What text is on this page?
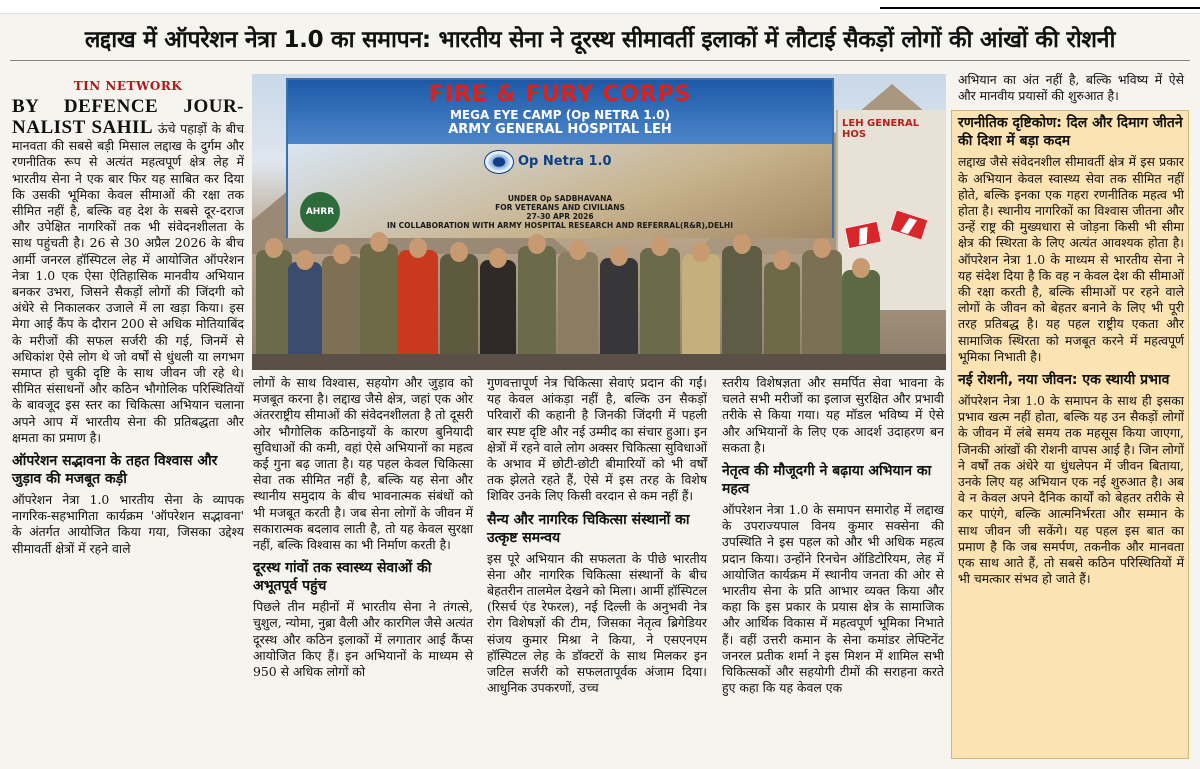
लद्दाख में ऑपरेशन नेत्रा 1.0 का समापन: भारतीय सेना ने दूरस्थ सीमावर्ती इलाकों में लौटाई सैकड़ों लोगों की आंखों की रोशनी
TIN NETWORK

BY DEFENCE JOUR-NALIST SAHIL ऊंचे पहाड़ों के बीच मानवता की सबसे बड़ी मिसाल लद्दाख के दुर्गम और रणनीतिक रूप से अत्यंत महत्वपूर्ण क्षेत्र लेह में भारतीय सेना ने एक बार फिर यह साबित कर दिया कि उसकी भूमिका केवल सीमाओं की रक्षा तक सीमित नहीं है, बल्कि वह देश के सबसे दूर-दराज और उपेक्षित नागरिकों तक भी संवेदनशीलता के साथ पहुंचती है। 26 से 30 अप्रैल 2026 के बीच आर्मी जनरल हॉस्पिटल लेह में आयोजित ऑपरेशन नेत्रा 1.0 एक ऐसा ऐतिहासिक मानवीय अभियान बनकर उभरा, जिसने सैकड़ों लोगों की जिंदगी को अंधेरे से निकालकर उजाले में ला खड़ा किया। इस मेगा आई कैंप के दौरान 200 से अधिक मोतियाबिंद के मरीजों की सफल सर्जरी की गई, जिनमें से अधिकांश ऐसे लोग थे जो वर्षों से धुंधली या लगभग समाप्त हो चुकी दृष्टि के साथ जीवन जी रहे थे। सीमित संसाधनों और कठिन भौगोलिक परिस्थितियों के बावजूद इस स्तर का चिकित्सा अभियान चलाना अपने आप में भारतीय सेना की प्रतिबद्धता और क्षमता का प्रमाण है।

ऑपरेशन सद्भावना के तहत विश्वास और जुड़ाव की मजबूत कड़ी

ऑपरेशन नेत्रा 1.0 भारतीय सेना के व्यापक नागरिक-सहभागिता कार्यक्रम 'ऑपरेशन सद्भावना' के अंतर्गत आयोजित किया गया, जिसका उद्देश्य सीमावर्ती क्षेत्रों में रहने वाले

FIRE & FURY CORPS
MEGA EYE CAMP (Op NETRA 1.0)
ARMY GENERAL HOSPITAL LEH
Op Netra 1.0
AHRR
UNDER Op SADBHAVANA
FOR VETERANS AND CIVILIANS
27-30 APR 2026
IN COLLABORATION WITH ARMY HOSPITAL RESEARCH AND REFERRAL(R&R),DELHI
LEH GENERAL HOS

लोगों के साथ विश्वास, सहयोग और जुड़ाव को मजबूत करना है। लद्दाख जैसे क्षेत्र, जहां एक ओर अंतरराष्ट्रीय सीमाओं की संवेदनशीलता है तो दूसरी ओर भौगोलिक कठिनाइयों के कारण बुनियादी सुविधाओं की कमी, वहां ऐसे अभियानों का महत्व कई गुना बढ़ जाता है। यह पहल केवल चिकित्सा सेवा तक सीमित नहीं है, बल्कि यह सेना और स्थानीय समुदाय के बीच भावनात्मक संबंधों को भी मजबूत करती है। जब सेना लोगों के जीवन में सकारात्मक बदलाव लाती है, तो यह केवल सुरक्षा नहीं, बल्कि विश्वास का भी निर्माण करती है।

दूरस्थ गांवों तक स्वास्थ्य सेवाओं की अभूतपूर्व पहुंच

पिछले तीन महीनों में भारतीय सेना ने तंगत्से, चुशुल, न्योमा, नुब्रा वैली और कारगिल जैसे अत्यंत दूरस्थ और कठिन इलाकों में लगातार आई कैंप्स आयोजित किए हैं। इन अभियानों के माध्यम से 950 से अधिक लोगों को

गुणवत्तापूर्ण नेत्र चिकित्सा सेवाएं प्रदान की गईं। यह केवल आंकड़ा नहीं है, बल्कि उन सैकड़ों परिवारों की कहानी है जिनकी जिंदगी में पहली बार स्पष्ट दृष्टि और नई उम्मीद का संचार हुआ। इन क्षेत्रों में रहने वाले लोग अक्सर चिकित्सा सुविधाओं के अभाव में छोटी-छोटी बीमारियों को भी वर्षों तक झेलते रहते हैं, ऐसे में इस तरह के विशेष शिविर उनके लिए किसी वरदान से कम नहीं हैं।

सैन्य और नागरिक चिकित्सा संस्थानों का उत्कृष्ट समन्वय

इस पूरे अभियान की सफलता के पीछे भारतीय सेना और नागरिक चिकित्सा संस्थानों के बीच बेहतरीन तालमेल देखने को मिला। आर्मी हॉस्पिटल (रिसर्च एंड रेफरल), नई दिल्ली के अनुभवी नेत्र रोग विशेषज्ञों की टीम, जिसका नेतृत्व ब्रिगेडियर संजय कुमार मिश्रा ने किया, ने एसएनएम हॉस्पिटल लेह के डॉक्टरों के साथ मिलकर इन जटिल सर्जरी को सफलतापूर्वक अंजाम दिया। आधुनिक उपकरणों, उच्च

स्तरीय विशेषज्ञता और समर्पित सेवा भावना के चलते सभी मरीजों का इलाज सुरक्षित और प्रभावी तरीके से किया गया। यह मॉडल भविष्य में ऐसे और अभियानों के लिए एक आदर्श उदाहरण बन सकता है।

नेतृत्व की मौजूदगी ने बढ़ाया अभियान का महत्व

ऑपरेशन नेत्रा 1.0 के समापन समारोह में लद्दाख के उपराज्यपाल विनय कुमार सक्सेना की उपस्थिति ने इस पहल को और भी अधिक महत्व प्रदान किया। उन्होंने रिनचेन ऑडिटोरियम, लेह में आयोजित कार्यक्रम में स्थानीय जनता की ओर से भारतीय सेना के प्रति आभार व्यक्त किया और कहा कि इस प्रकार के प्रयास क्षेत्र के सामाजिक और आर्थिक विकास में महत्वपूर्ण भूमिका निभाते हैं। वहीं उत्तरी कमान के सेना कमांडर लेफ्टिनेंट जनरल प्रतीक शर्मा ने इस मिशन में शामिल सभी चिकित्सकों और सहयोगी टीमों की सराहना करते हुए कहा कि यह केवल एक

अभियान का अंत नहीं है, बल्कि भविष्य में ऐसे और मानवीय प्रयासों की शुरुआत है।

रणनीतिक दृष्टिकोण: दिल और दिमाग जीतने की दिशा में बड़ा कदम

लद्दाख जैसे संवेदनशील सीमावर्ती क्षेत्र में इस प्रकार के अभियान केवल स्वास्थ्य सेवा तक सीमित नहीं होते, बल्कि इनका एक गहरा रणनीतिक महत्व भी होता है। स्थानीय नागरिकों का विश्वास जीतना और उन्हें राष्ट्र की मुख्यधारा से जोड़ना किसी भी सीमा क्षेत्र की स्थिरता के लिए अत्यंत आवश्यक होता है। ऑपरेशन नेत्रा 1.0 के माध्यम से भारतीय सेना ने यह संदेश दिया है कि वह न केवल देश की सीमाओं की रक्षा करती है, बल्कि सीमाओं पर रहने वाले लोगों के जीवन को बेहतर बनाने के लिए भी पूरी तरह प्रतिबद्ध है। यह पहल राष्ट्रीय एकता और सामाजिक स्थिरता को मजबूत करने में महत्वपूर्ण भूमिका निभाती है।

नई रोशनी, नया जीवन: एक स्थायी प्रभाव

ऑपरेशन नेत्रा 1.0 के समापन के साथ ही इसका प्रभाव खत्म नहीं होता, बल्कि यह उन सैकड़ों लोगों के जीवन में लंबे समय तक महसूस किया जाएगा, जिनकी आंखों की रोशनी वापस आई है। जिन लोगों ने वर्षों तक अंधेरे या धुंधलेपन में जीवन बिताया, उनके लिए यह अभियान एक नई शुरुआत है। अब वे न केवल अपने दैनिक कार्यों को बेहतर तरीके से कर पाएंगे, बल्कि आत्मनिर्भरता और सम्मान के साथ जीवन जी सकेंगे। यह पहल इस बात का प्रमाण है कि जब समर्पण, तकनीक और मानवता एक साथ आते हैं, तो सबसे कठिन परिस्थितियों में भी चमत्कार संभव हो जाते हैं।
